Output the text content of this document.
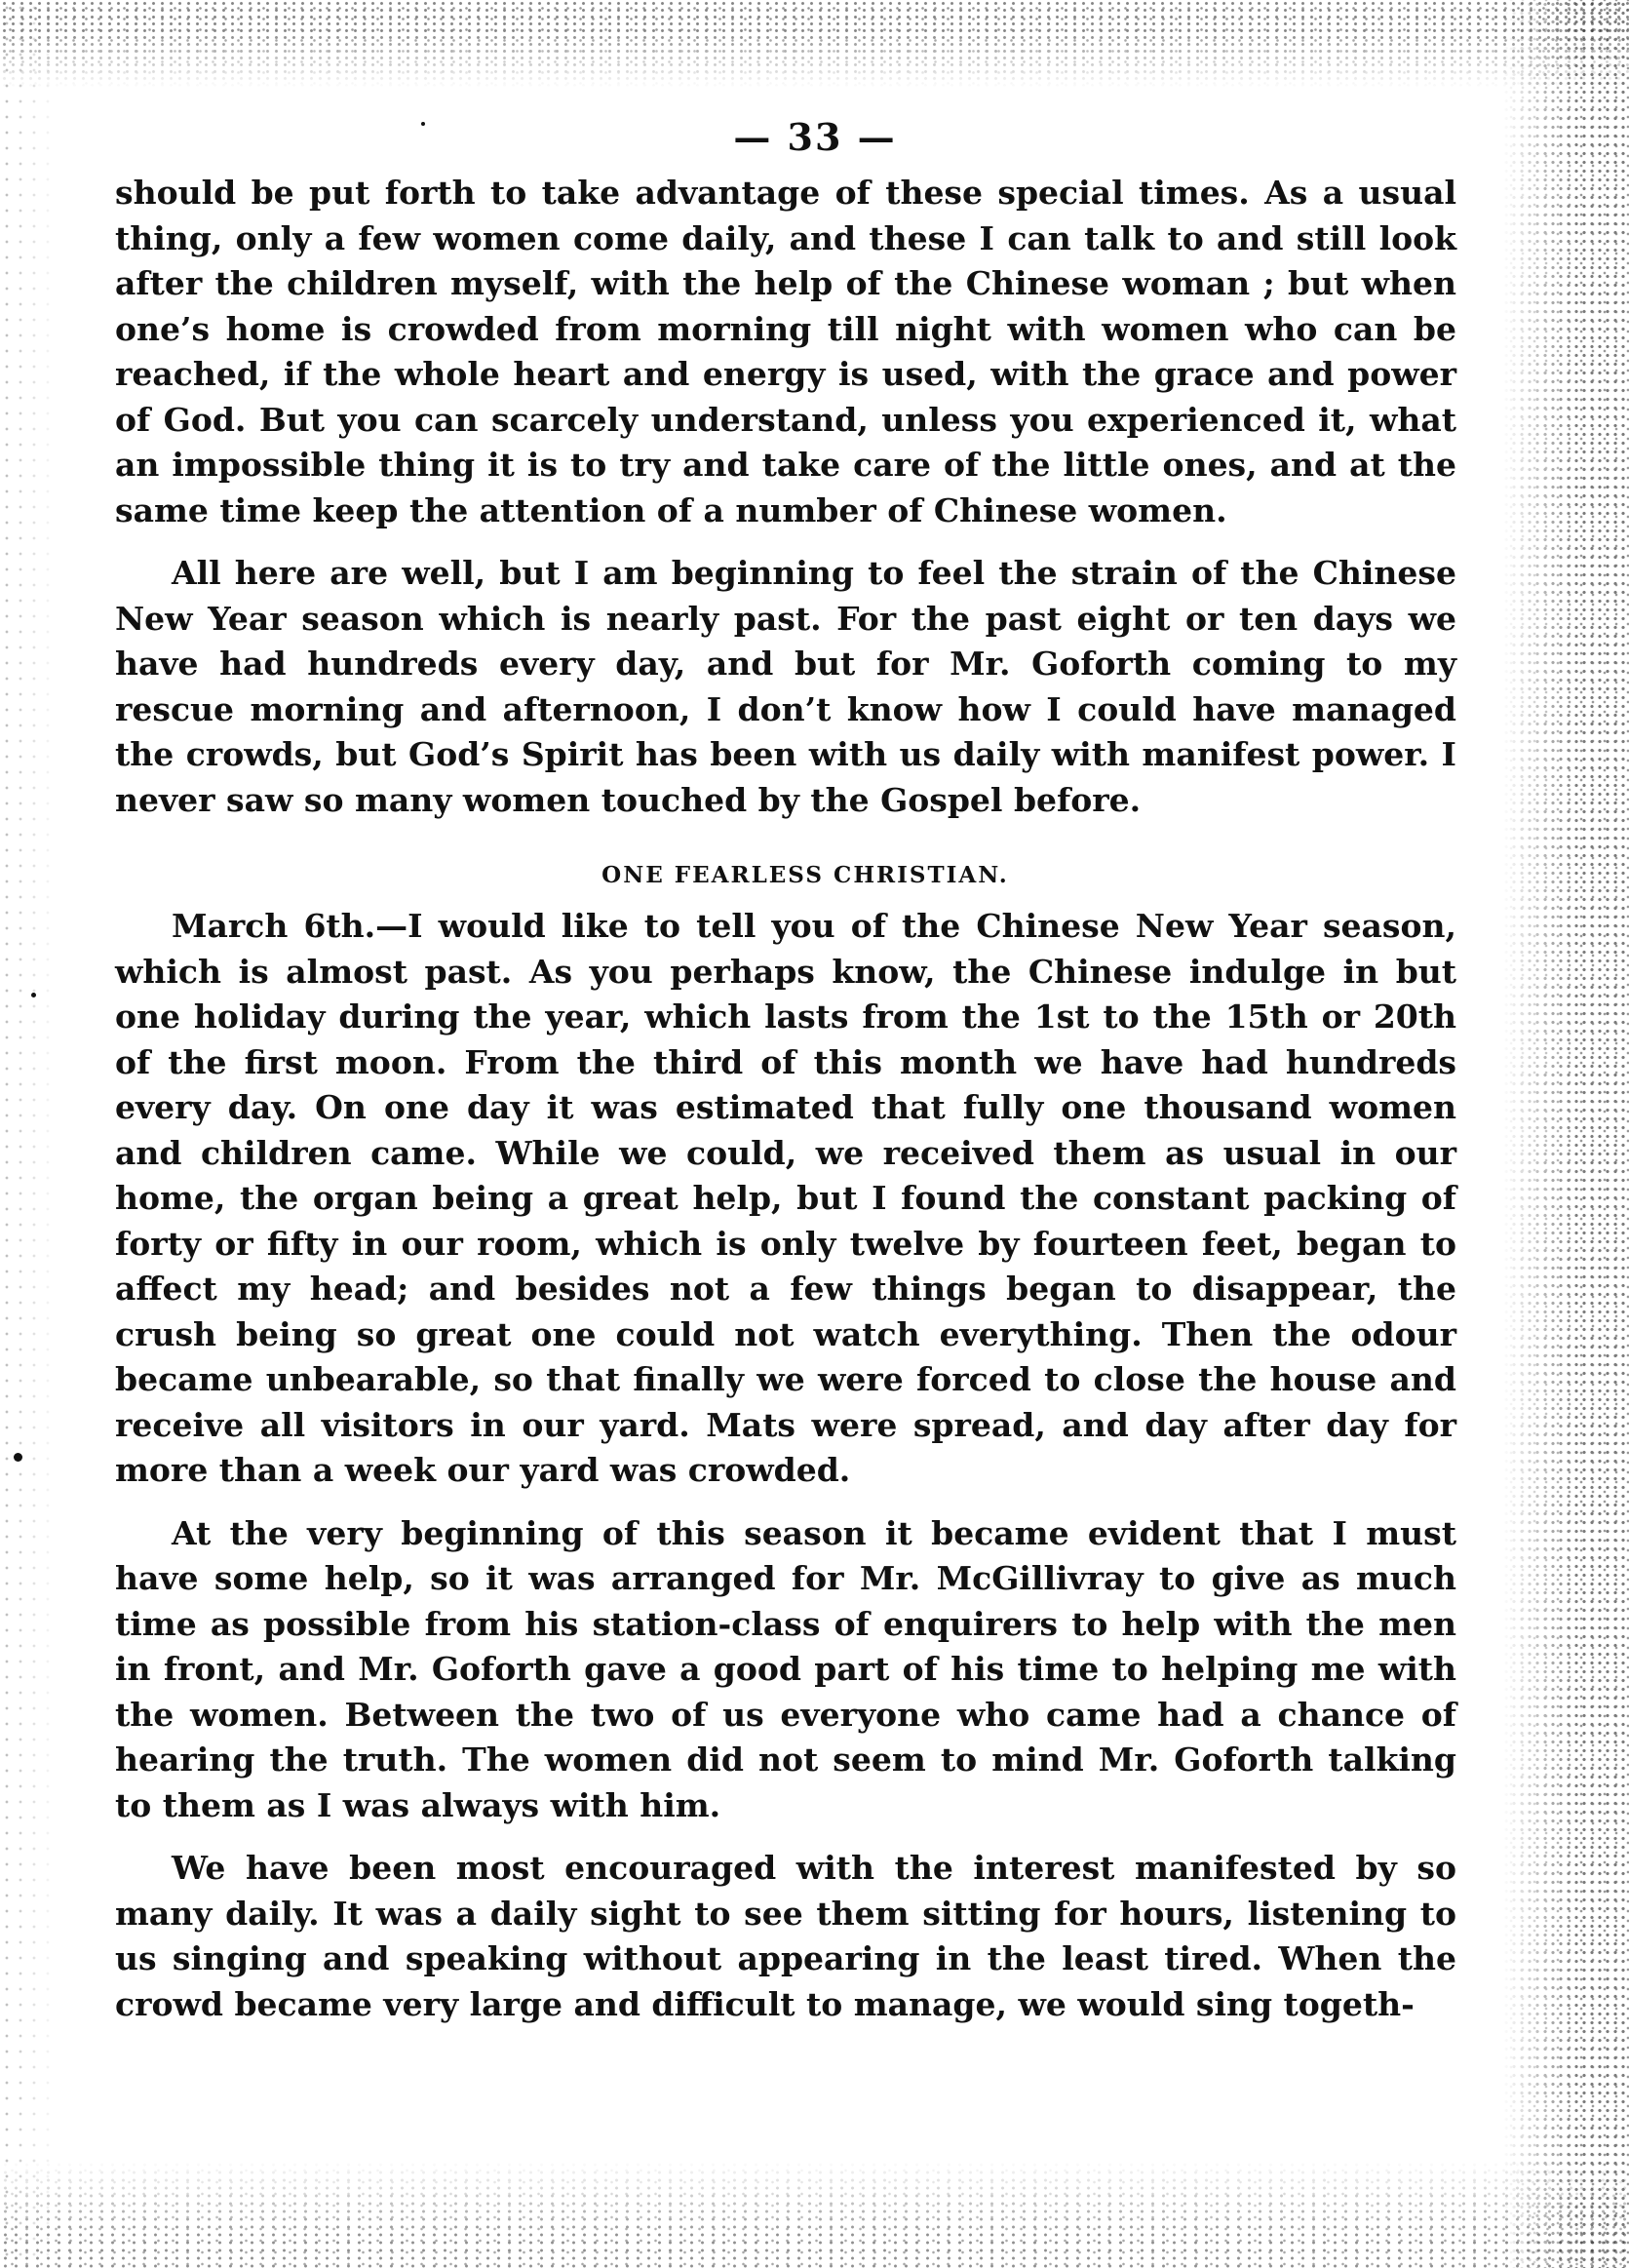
— 33 —

should be put forth to take advantage of these special times. As a usual thing, only a few women come daily, and these I can talk to and still look after the children myself, with the help of the Chinese woman ; but when one’s home is crowded from morning till night with women who can be reached, if the whole heart and energy is used, with the grace and power of God. But you can scarcely understand, unless you experienced it, what an impossible thing it is to try and take care of the little ones, and at the same time keep the attention of a number of Chinese women.

All here are well, but I am beginning to feel the strain of the Chinese New Year season which is nearly past. For the past eight or ten days we have had hundreds every day, and but for Mr. Goforth coming to my rescue morning and afternoon, I don’t know how I could have managed the crowds, but God’s Spirit has been with us daily with manifest power. I never saw so many women touched by the Gospel before.

ONE FEARLESS CHRISTIAN.

March 6th.—I would like to tell you of the Chinese New Year season, which is almost past. As you perhaps know, the Chinese indulge in but one holiday during the year, which lasts from the 1st to the 15th or 20th of the first moon. From the third of this month we have had hundreds every day. On one day it was estimated that fully one thousand women and children came. While we could, we received them as usual in our home, the organ being a great help, but I found the constant packing of forty or fifty in our room, which is only twelve by fourteen feet, began to affect my head; and besides not a few things began to disappear, the crush being so great one could not watch everything. Then the odour became unbearable, so that finally we were forced to close the house and receive all visitors in our yard. Mats were spread, and day after day for more than a week our yard was crowded.

At the very beginning of this season it became evident that I must have some help, so it was arranged for Mr. McGillivray to give as much time as possible from his station-class of enquirers to help with the men in front, and Mr. Goforth gave a good part of his time to helping me with the women. Between the two of us everyone who came had a chance of hearing the truth. The women did not seem to mind Mr. Goforth talking to them as I was always with him.

We have been most encouraged with the interest manifested by so many daily. It was a daily sight to see them sitting for hours, listening to us singing and speaking without appearing in the least tired. When the crowd became very large and difficult to manage, we would sing togeth-
